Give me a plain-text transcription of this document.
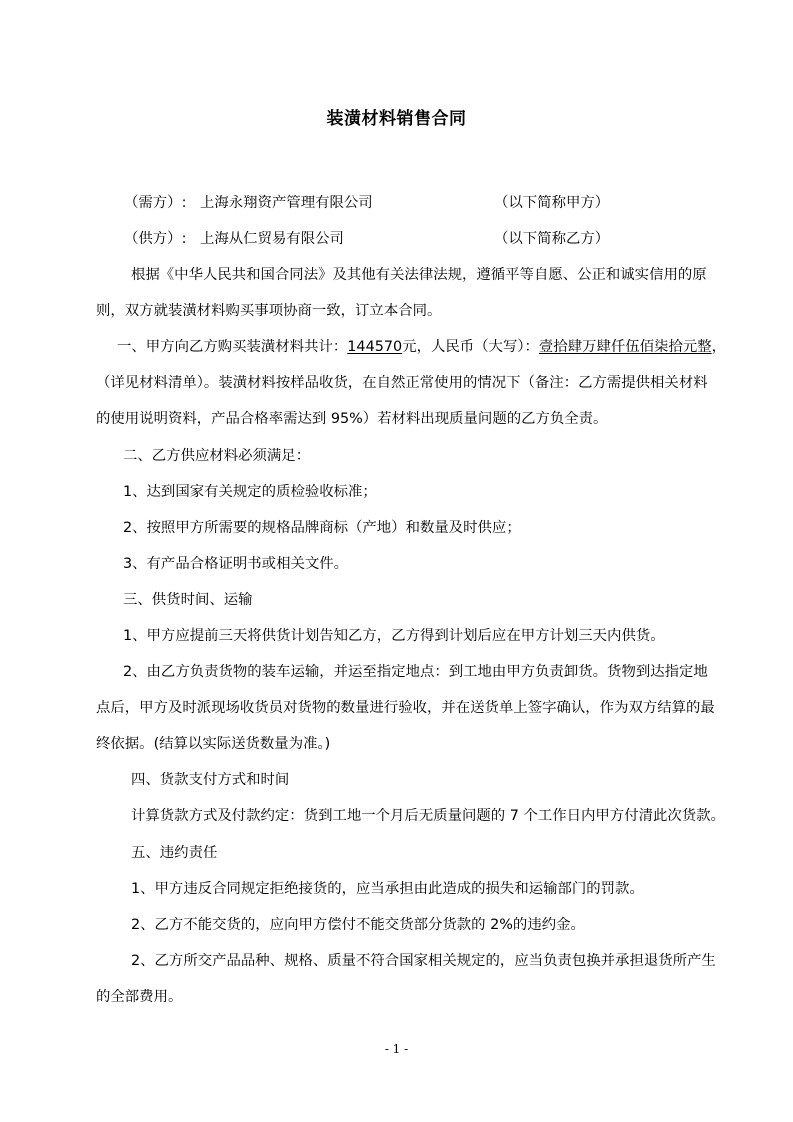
装潢材料销售合同
（需方）: 上海永翔资产管理有限公司	（以下简称甲方）
（供方）: 上海从仁贸易有限公司	（以下简称乙方）
根据《中华人民共和国合同法》及其他有关法律法规，遵循平等自愿、公正和诚实信用的原
则，双方就装潢材料购买事项协商一致，订立本合同。
一、甲方向乙方购买装潢材料共计：144570元，人民币（大写）：壹拾肆万肆仟伍佰柒拾元整，
（详见材料清单）。装潢材料按样品收货，在自然正常使用的情况下（备注：乙方需提供相关材料
的使用说明资料，产品合格率需达到 95%）若材料出现质量问题的乙方负全责。
二、乙方供应材料必须满足：
1、达到国家有关规定的质检验收标准；
2、按照甲方所需要的规格品牌商标（产地）和数量及时供应；
3、有产品合格证明书或相关文件。
三、供货时间、运输
1、甲方应提前三天将供货计划告知乙方，乙方得到计划后应在甲方计划三天内供货。
2、由乙方负责货物的装车运输，并运至指定地点：到工地由甲方负责卸货。货物到达指定地
点后，甲方及时派现场收货员对货物的数量进行验收，并在送货单上签字确认，作为双方结算的最
终依据。(结算以实际送货数量为准。)
四、货款支付方式和时间
计算货款方式及付款约定：货到工地一个月后无质量问题的 7 个工作日内甲方付清此次货款。
五、违约责任
1、甲方违反合同规定拒绝接货的，应当承担由此造成的损失和运输部门的罚款。
2、乙方不能交货的，应向甲方偿付不能交货部分货款的 2%的违约金。
2、乙方所交产品品种、规格、质量不符合国家相关规定的，应当负责包换并承担退货所产生
的全部费用。
- 1 -
